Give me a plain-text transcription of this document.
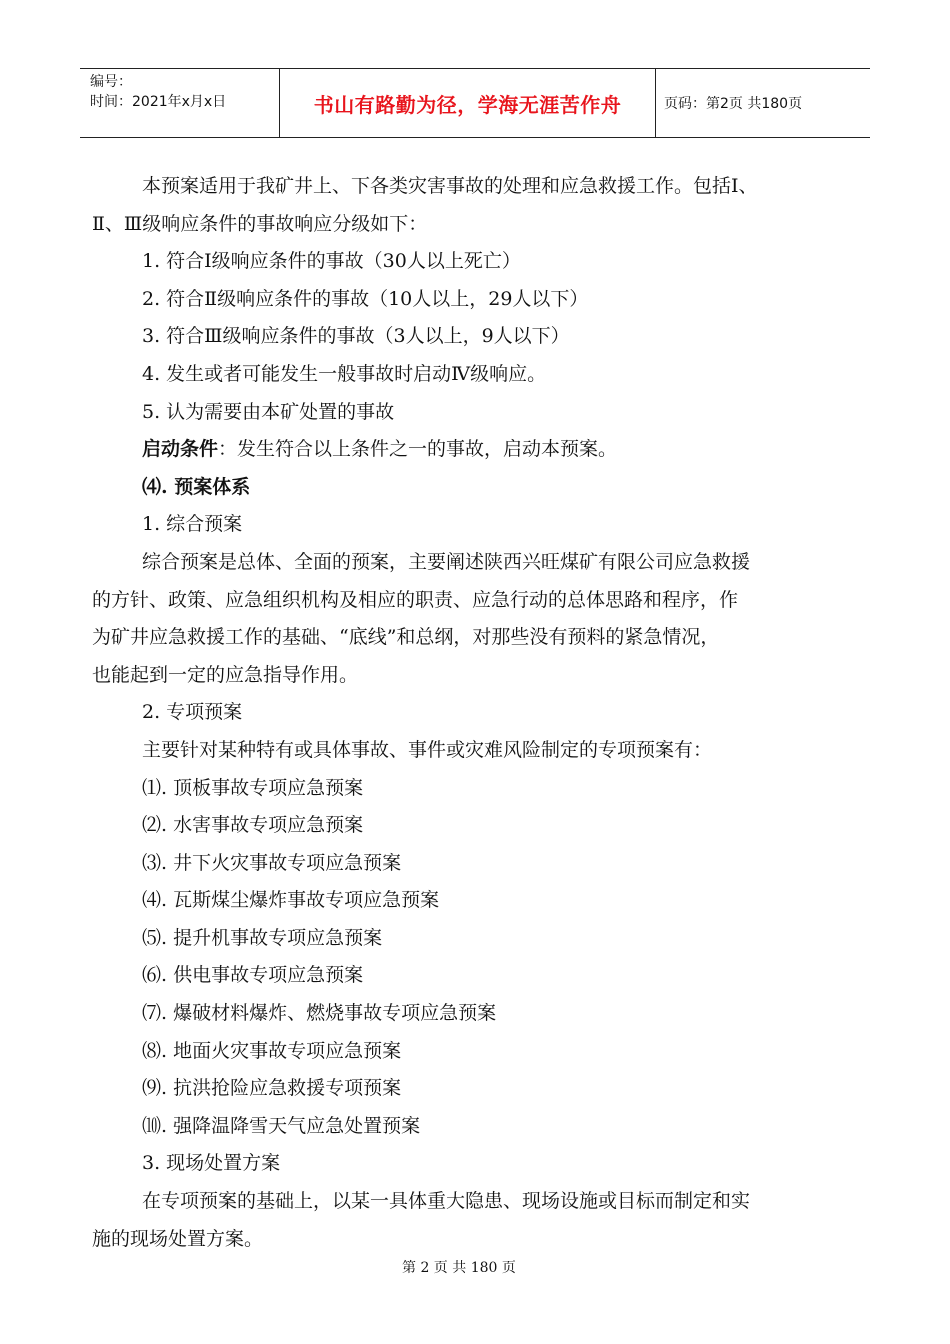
编号：
时间：2021年x月x日	书山有路勤为径，学海无涯苦作舟	页码：第2页 共180页
本预案适用于我矿井上、下各类灾害事故的处理和应急救援工作。包括Ⅰ、
Ⅱ、Ⅲ级响应条件的事故响应分级如下：
1. 符合Ⅰ级响应条件的事故（30人以上死亡）
2. 符合Ⅱ级响应条件的事故（10人以上，29人以下）
3. 符合Ⅲ级响应条件的事故（3人以上，9人以下）
4. 发生或者可能发生一般事故时启动Ⅳ级响应。
5. 认为需要由本矿处置的事故
启动条件：发生符合以上条件之一的事故，启动本预案。
⑷. 预案体系
1. 综合预案
综合预案是总体、全面的预案，主要阐述陕西兴旺煤矿有限公司应急救援
的方针、政策、应急组织机构及相应的职责、应急行动的总体思路和程序，作
为矿井应急救援工作的基础、“底线”和总纲，对那些没有预料的紧急情况，
也能起到一定的应急指导作用。
2. 专项预案
主要针对某种特有或具体事故、事件或灾难风险制定的专项预案有：
⑴. 顶板事故专项应急预案
⑵. 水害事故专项应急预案
⑶. 井下火灾事故专项应急预案
⑷. 瓦斯煤尘爆炸事故专项应急预案
⑸. 提升机事故专项应急预案
⑹. 供电事故专项应急预案
⑺. 爆破材料爆炸、燃烧事故专项应急预案
⑻. 地面火灾事故专项应急预案
⑼. 抗洪抢险应急救援专项预案
⑽. 强降温降雪天气应急处置预案
3. 现场处置方案
在专项预案的基础上，以某一具体重大隐患、现场设施或目标而制定和实
施的现场处置方案。
第 2 页 共 180 页
